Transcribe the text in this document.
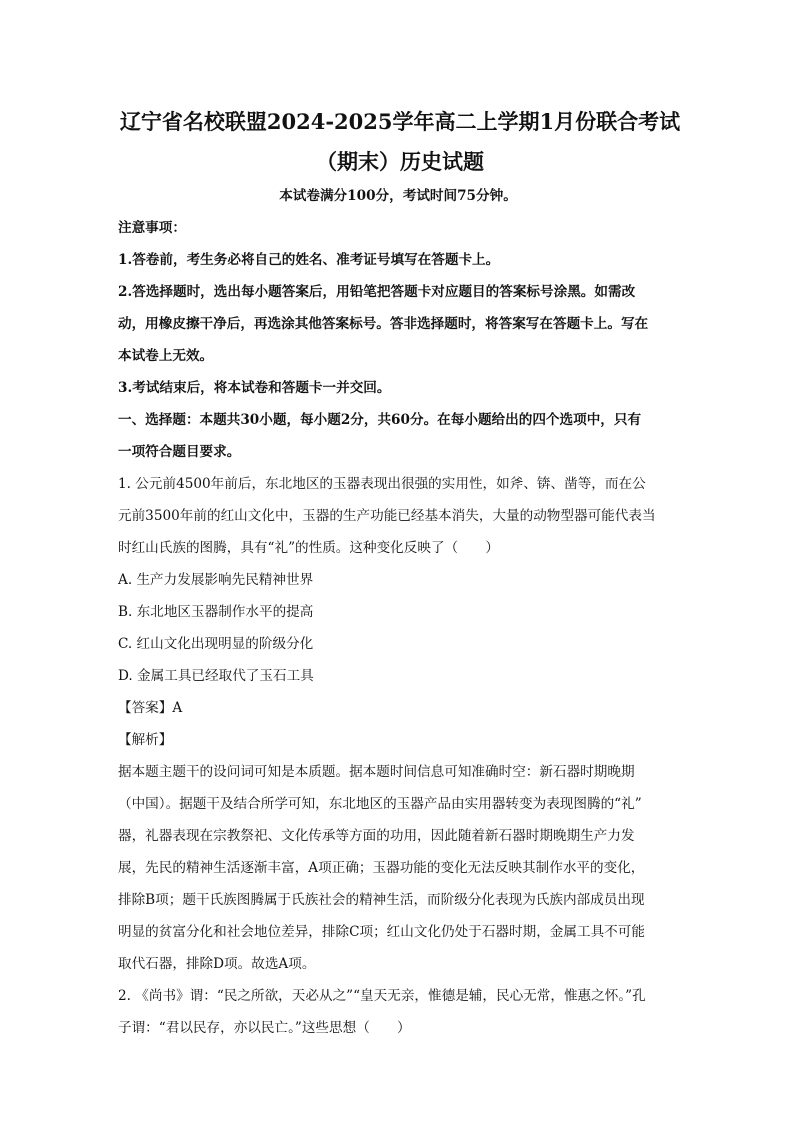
辽宁省名校联盟2024-2025学年高二上学期1月份联合考试
（期末）历史试题
本试卷满分100分，考试时间75分钟。
注意事项：
1.答卷前，考生务必将自己的姓名、准考证号填写在答题卡上。
2.答选择题时，选出每小题答案后，用铅笔把答题卡对应题目的答案标号涂黑。如需改
动，用橡皮擦干净后，再选涂其他答案标号。答非选择题时，将答案写在答题卡上。写在
本试卷上无效。
3.考试结束后，将本试卷和答题卡一并交回。
一、选择题：本题共30小题，每小题2分，共60分。在每小题给出的四个选项中，只有
一项符合题目要求。
1. 公元前4500年前后，东北地区的玉器表现出很强的实用性，如斧、锛、凿等，而在公
元前3500年前的红山文化中，玉器的生产功能已经基本消失，大量的动物型器可能代表当
时红山氏族的图腾，具有“礼”的性质。这种变化反映了（　　）
A. 生产力发展影响先民精神世界
B. 东北地区玉器制作水平的提高
C. 红山文化出现明显的阶级分化
D. 金属工具已经取代了玉石工具
【答案】A
【解析】
据本题主题干的设问词可知是本质题。据本题时间信息可知准确时空：新石器时期晚期
（中国）。据题干及结合所学可知，东北地区的玉器产品由实用器转变为表现图腾的“礼”
器，礼器表现在宗教祭祀、文化传承等方面的功用，因此随着新石器时期晚期生产力发
展，先民的精神生活逐渐丰富，A项正确；玉器功能的变化无法反映其制作水平的变化，
排除B项；题干氏族图腾属于氏族社会的精神生活，而阶级分化表现为氏族内部成员出现
明显的贫富分化和社会地位差异，排除C项；红山文化仍处于石器时期，金属工具不可能
取代石器，排除D项。故选A项。
2. 《尚书》谓：“民之所欲，天必从之”“皇天无亲，惟德是辅，民心无常，惟惠之怀。”孔
子谓：“君以民存，亦以民亡。”这些思想（　　）
